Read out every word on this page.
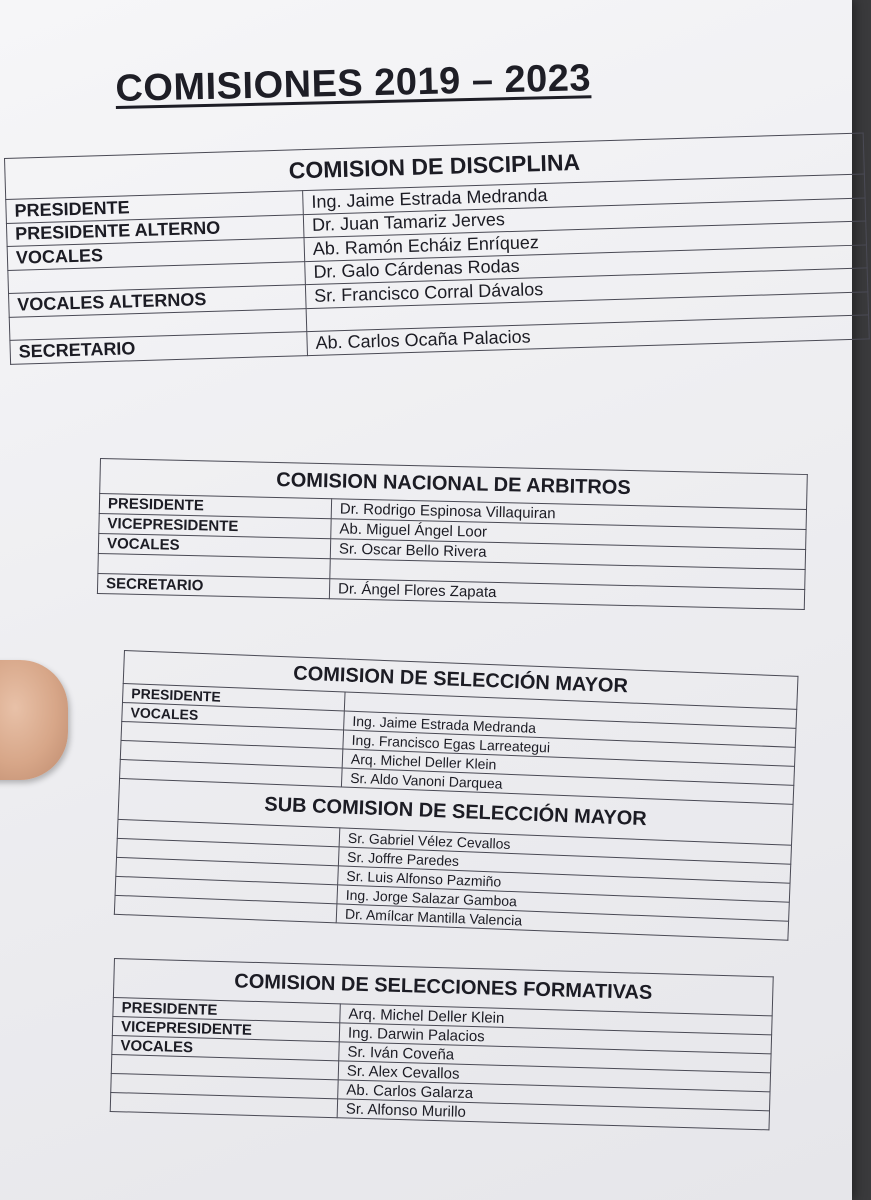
COMISIONES 2019 – 2023
COMISION DE DISCIPLINA	
PRESIDENTE	Ing. Jaime Estrada Medranda
PRESIDENTE ALTERNO	Dr. Juan Tamariz Jerves
VOCALES	Ab. Ramón Echáiz Enríquez
	Dr. Galo Cárdenas Rodas
VOCALES ALTERNOS	Sr. Francisco Corral Dávalos

SECRETARIO	Ab. Carlos Ocaña Palacios
COMISION NACIONAL DE ARBITROS	
PRESIDENTE	Dr. Rodrigo Espinosa Villaquiran
VICEPRESIDENTE	Ab. Miguel Ángel Loor
VOCALES	Sr. Oscar Bello Rivera

SECRETARIO	Dr. Ángel Flores Zapata
COMISION DE SELECCIÓN MAYOR	
PRESIDENTE	
VOCALES	Ing. Jaime Estrada Medranda
	Ing. Francisco Egas Larreategui
	Arq. Michel Deller Klein
	Sr. Aldo Vanoni Darquea
SUB COMISION DE SELECCIÓN MAYOR	
	Sr. Gabriel Vélez Cevallos
	Sr. Joffre Paredes
	Sr. Luis Alfonso Pazmiño
	Ing. Jorge Salazar Gamboa
	Dr. Amílcar Mantilla Valencia
COMISION DE SELECCIONES FORMATIVAS	
PRESIDENTE	Arq. Michel Deller Klein
VICEPRESIDENTE	Ing. Darwin Palacios
VOCALES	Sr. Iván Coveña
	Sr. Alex Cevallos
	Ab. Carlos Galarza
	Sr. Alfonso Murillo
